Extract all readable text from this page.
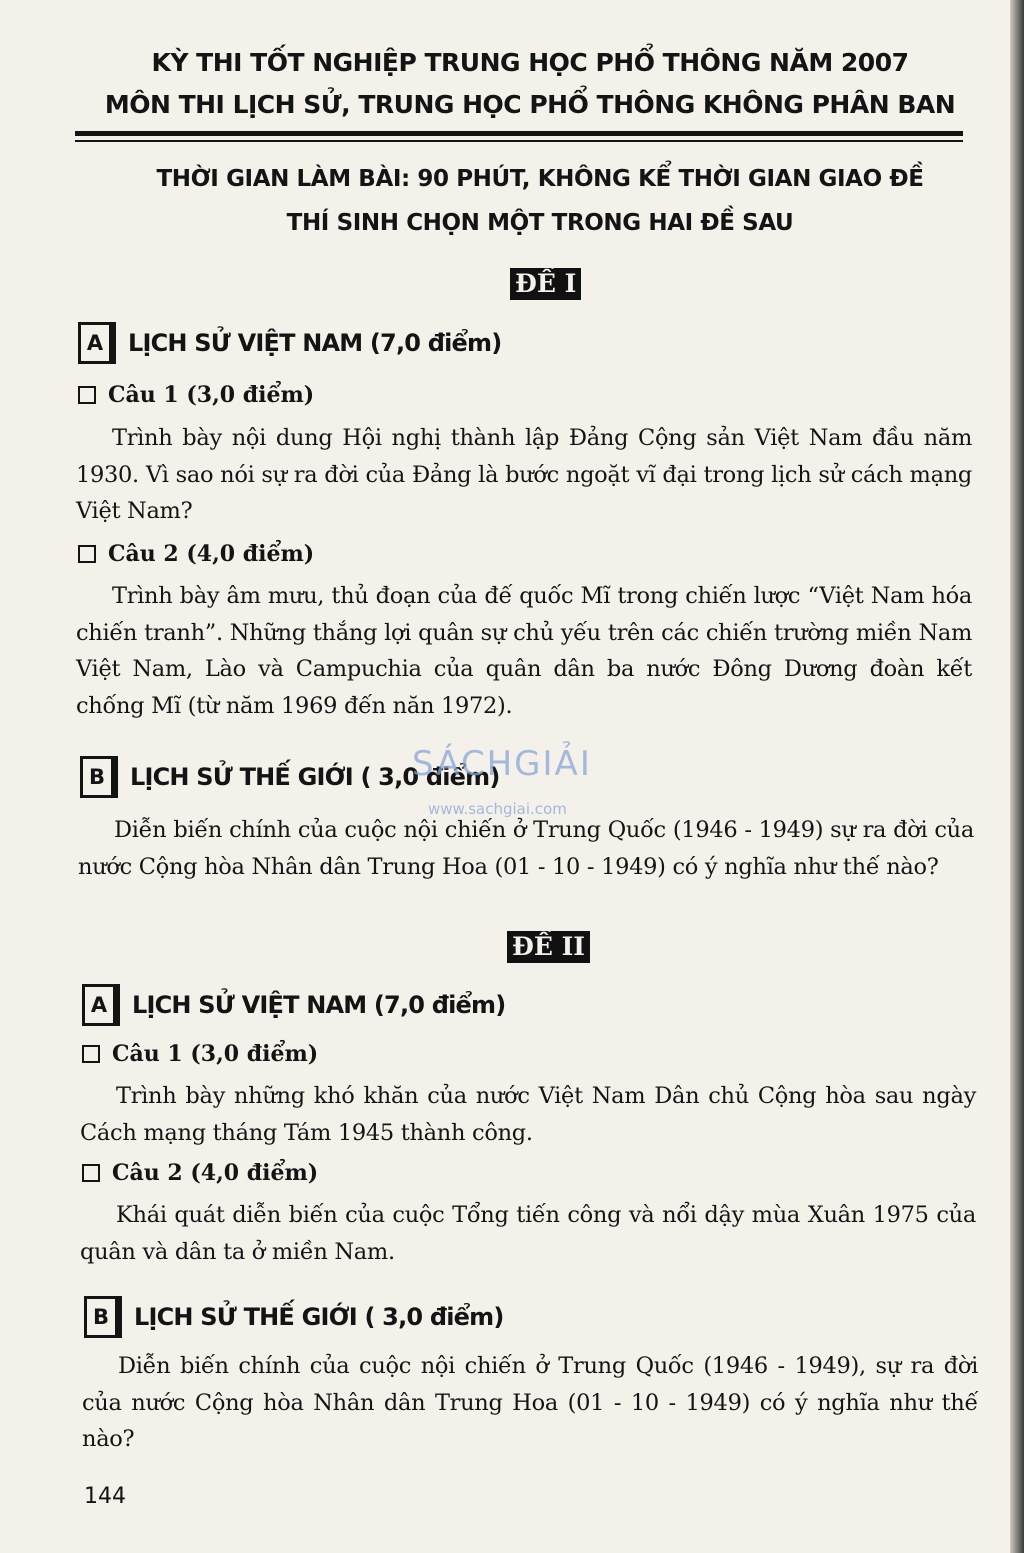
KỲ THI TỐT NGHIỆP TRUNG HỌC PHỔ THÔNG NĂM 2007
MÔN THI LỊCH SỬ, TRUNG HỌC PHỔ THÔNG KHÔNG PHÂN BAN
THỜI GIAN LÀM BÀI: 90 PHÚT, KHÔNG KỂ THỜI GIAN GIAO ĐỀ
THÍ SINH CHỌN MỘT TRONG HAI ĐỀ SAU
ĐỀ I
A	LỊCH SỬ VIỆT NAM (7,0 điểm)
Câu 1 (3,0 điểm)
Trình bày nội dung Hội nghị thành lập Đảng Cộng sản Việt Nam đầu năm 1930. Vì sao nói sự ra đời của Đảng là bước ngoặt vĩ đại trong lịch sử cách mạng Việt Nam?
Câu 2 (4,0 điểm)
Trình bày âm mưu, thủ đoạn của đế quốc Mĩ trong chiến lược “Việt Nam hóa chiến tranh”. Những thắng lợi quân sự chủ yếu trên các chiến trường miền Nam Việt Nam, Lào và Campuchia của quân dân ba nước Đông Dương đoàn kết chống Mĩ (từ năm 1969 đến năn 1972).
B	LỊCH SỬ THẾ GIỚI ( 3,0 điểm)
Diễn biến chính của cuộc nội chiến ở Trung Quốc (1946 - 1949) sự ra đời của nước Cộng hòa Nhân dân Trung Hoa (01 - 10 - 1949) có ý nghĩa như thế nào?
ĐỀ II
A	LỊCH SỬ VIỆT NAM (7,0 điểm)
Câu 1 (3,0 điểm)
Trình bày những khó khăn của nước Việt Nam Dân chủ Cộng hòa sau ngày Cách mạng tháng Tám 1945 thành công.
Câu 2 (4,0 điểm)
Khái quát diễn biến của cuộc Tổng tiến công và nổi dậy mùa Xuân 1975 của quân và dân ta ở miền Nam.
B	LỊCH SỬ THẾ GIỚI ( 3,0 điểm)
Diễn biến chính của cuộc nội chiến ở Trung Quốc (1946 - 1949), sự ra đời của nước Cộng hòa Nhân dân Trung Hoa (01 - 10 - 1949) có ý nghĩa như thế nào?
SÁCHGIẢI
www.sachgiai.com
144
